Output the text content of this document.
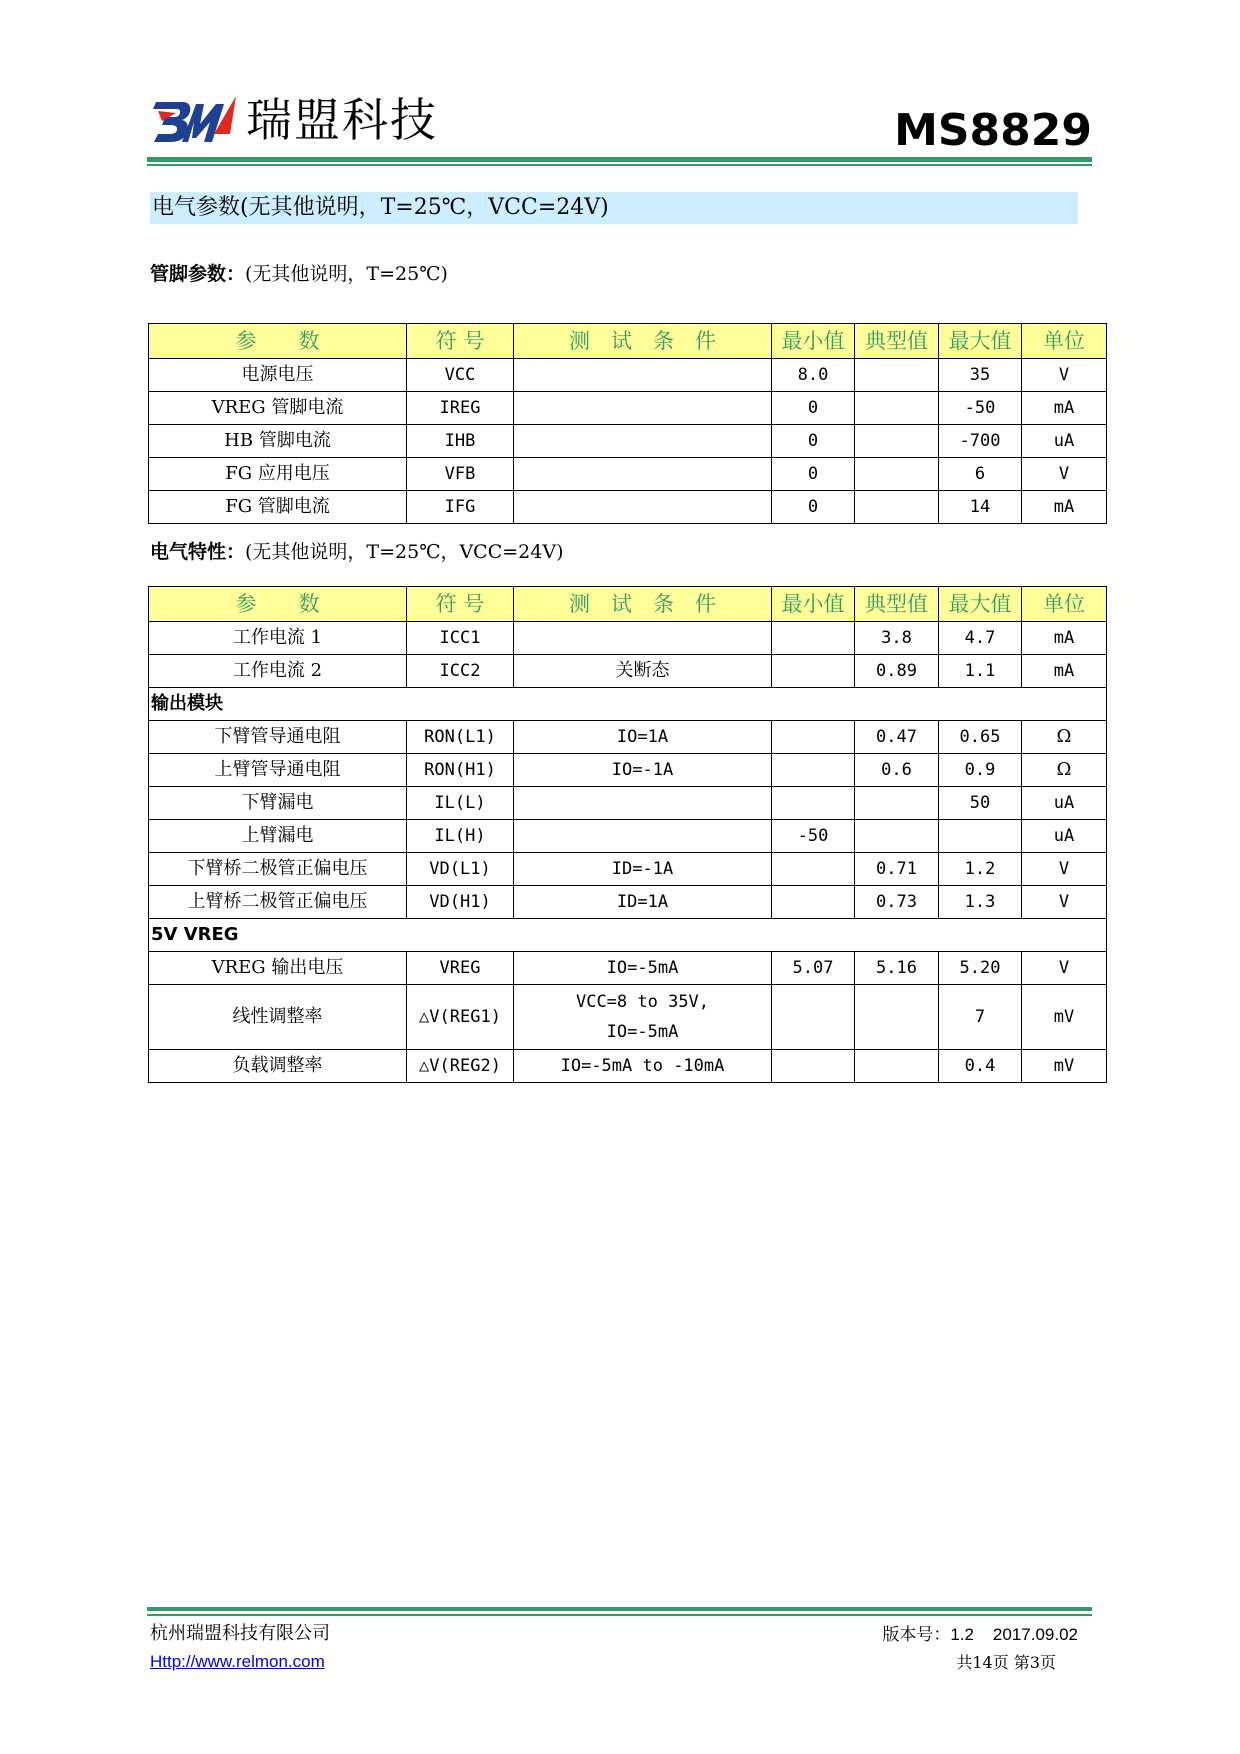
瑞盟科技	MS8829
电气参数(无其他说明，T=25℃，VCC=24V)
管脚参数：(无其他说明，T=25℃)
参　　数	符 号	测　试　条　件	最小值	典型值	最大值	单位
电源电压	VCC		8.0		35	V
VREG 管脚电流	IREG		0		-50	mA
HB 管脚电流	IHB		0		-700	uA
FG 应用电压	VFB		0		6	V
FG 管脚电流	IFG		0		14	mA
电气特性：(无其他说明，T=25℃，VCC=24V)
参　　数	符 号	测　试　条　件	最小值	典型值	最大值	单位
工作电流 1	ICC1			3.8	4.7	mA
工作电流 2	ICC2	关断态		0.89	1.1	mA
输出模块						
下臂管导通电阻	RON(L1)	IO=1A		0.47	0.65	Ω
上臂管导通电阻	RON(H1)	IO=-1A		0.6	0.9	Ω
下臂漏电	IL(L)				50	uA
上臂漏电	IL(H)		-50			uA
下臂桥二极管正偏电压	VD(L1)	ID=-1A		0.71	1.2	V
上臂桥二极管正偏电压	VD(H1)	ID=1A		0.73	1.3	V
5V VREG						
VREG 输出电压	VREG	IO=-5mA	5.07	5.16	5.20	V
线性调整率	△V(REG1)	VCC=8 to 35V,
IO=-5mA			7	mV
负载调整率	△V(REG2)	IO=-5mA to -10mA			0.4	mV
杭州瑞盟科技有限公司
Http://www.relmon.com
版本号：1.2 2017.09.02
共14页 第3页
